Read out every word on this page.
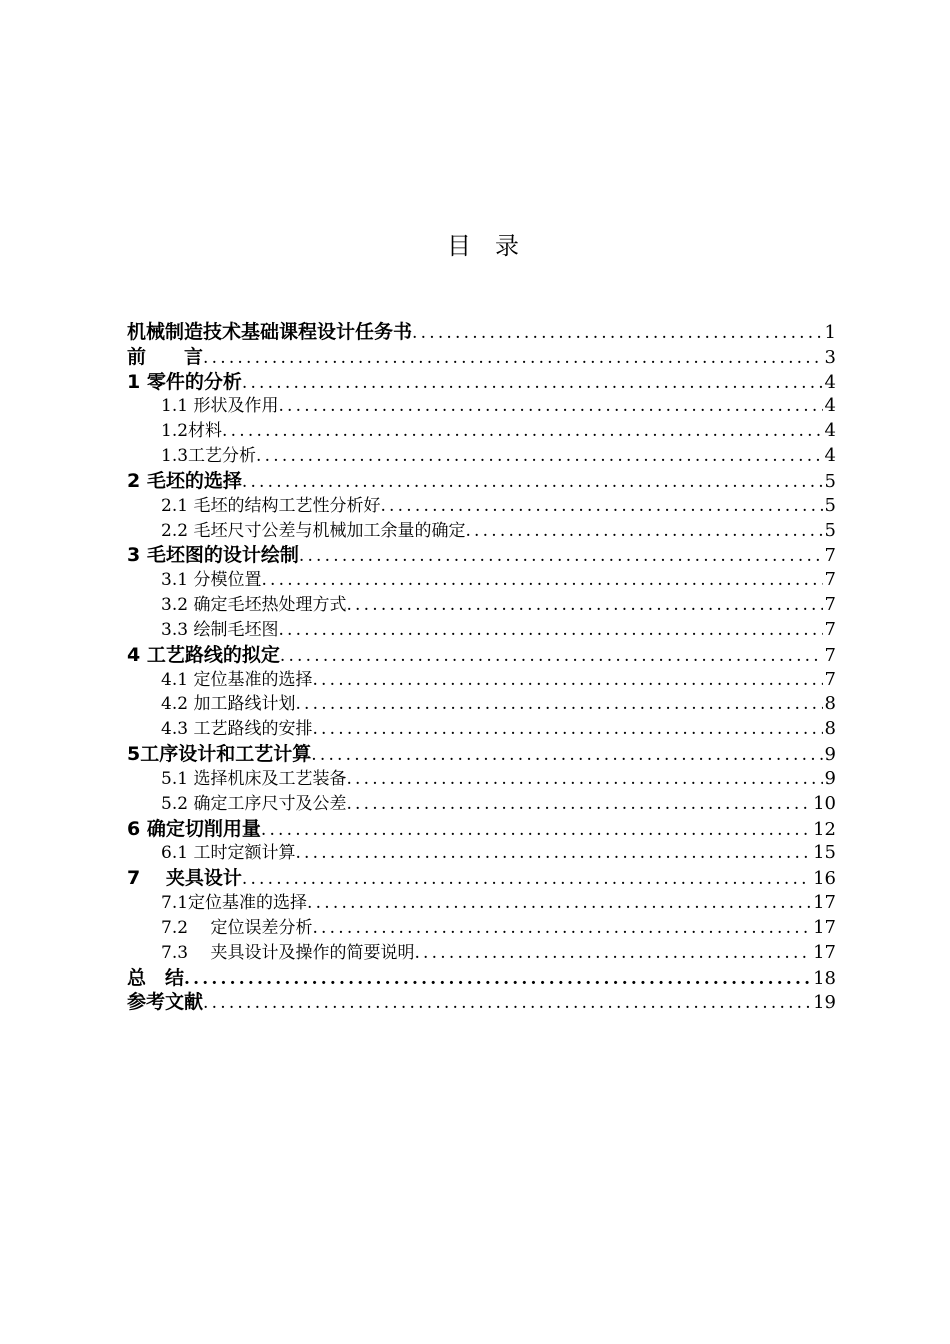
目　录
机械制造技术基础课程设计任务书 .....	1
前　　言 .....	3
1 零件的分析 .....	4
1.1 形状及作用 .....	4
1.2材料 .....	4
1.3工艺分析 .....	4
2 毛坯的选择 .....	5
2.1 毛坯的结构工艺性分析好 .....	5
2.2 毛坯尺寸公差与机械加工余量的确定 .....	5
3 毛坯图的设计绘制 .....	7
3.1 分模位置 .....	7
3.2 确定毛坯热处理方式 .....	7
3.3 绘制毛坯图 .....	7
4 工艺路线的拟定 .....	7
4.1 定位基准的选择 .....	7
4.2 加工路线计划 .....	8
4.3 工艺路线的安排 .....	8
5工序设计和工艺计算 .....	9
5.1 选择机床及工艺装备 .....	9
5.2 确定工序尺寸及公差 .....	10
6 确定切削用量 .....	12
6.1 工时定额计算 .....	15
7　 夹具设计 .....	16
7.1定位基准的选择 .....	17
7.2　 定位误差分析 .....	17
7.3　 夹具设计及操作的简要说明 .....	17
总　结 .....	18
参考文献 .....	19
